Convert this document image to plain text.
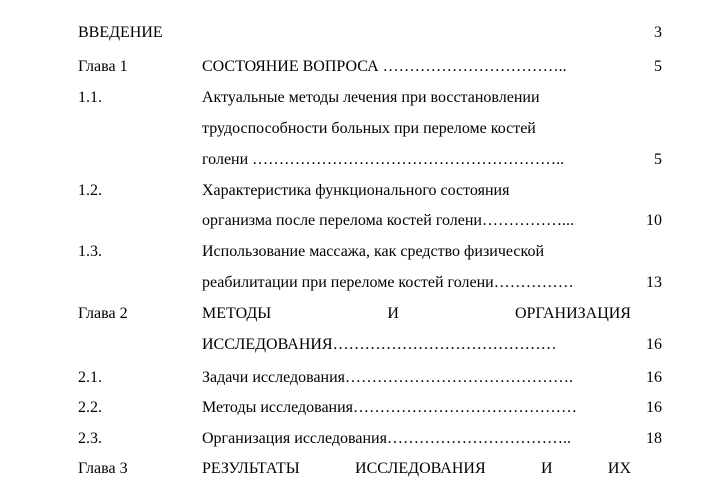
ВВЕДЕНИЕ	3
Глава 1	СОСТОЯНИЕ ВОПРОСА ……………………………..	5
1.1.	Актуальные методы лечения при восстановлении
трудоспособности больных при переломе костей
голени …………………………………………………..	5
1.2.	Характеристика функционального состояния
организма после перелома костей голени……………...	10
1.3.	Использование массажа, как средство физической
реабилитации при переломе костей голени……………	13
Глава 2	МЕТОДЫ	И	ОРГАНИЗАЦИЯ
ИССЛЕДОВАНИЯ……………………………………	16
2.1.	Задачи исследования…………………………………….	16
2.2.	Методы исследования……………………………………	16
2.3.	Организация исследования……………………………..	18
Глава 3	РЕЗУЛЬТАТЫ	ИССЛЕДОВАНИЯ	И	ИХ
